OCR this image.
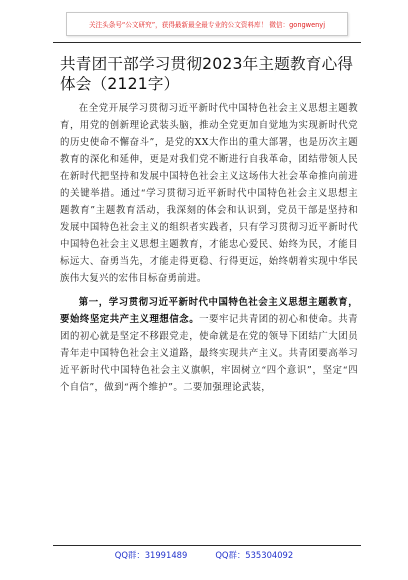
关注头条号“公文研究”，获得最新最全最专业的公文资料库！ 微信：gongwenyj
共青团干部学习贯彻2023年主题教育心得体会（2121字）

在全党开展学习贯彻习近平新时代中国特色社会主义思想主题教育，用党的创新理论武装头脑，推动全党更加自觉地为实现新时代党的历史使命不懈奋斗”，是党的XX大作出的重大部署，也是历次主题教育的深化和延伸，更是对我们党不断进行自我革命，团结带领人民在新时代把坚持和发展中国特色社会主义这场伟大社会革命推向前进的关键举措。通过“学习贯彻习近平新时代中国特色社会主义思想主题教育”主题教育活动，我深刻的体会和认识到，党员干部是坚持和发展中国特色社会主义的组织者实践者，只有学习贯彻习近平新时代中国特色社会主义思想主题教育，才能忠心爱民、始终为民，才能目标远大、奋勇当先，才能走得更稳、行得更远，始终朝着实现中华民族伟大复兴的宏伟目标奋勇前进。

第一，学习贯彻习近平新时代中国特色社会主义思想主题教育，要始终坚定共产主义理想信念。一要牢记共青团的初心和使命。共青团的初心就是坚定不移跟党走，使命就是在党的领导下团结广大团员青年走中国特色社会主义道路，最终实现共产主义。共青团要高举习近平新时代中国特色社会主义旗帜，牢固树立“四个意识”，坚定“四个自信”，做到“两个维护”。二要加强理论武装，

QQ群：31991489	QQ群：535304092
